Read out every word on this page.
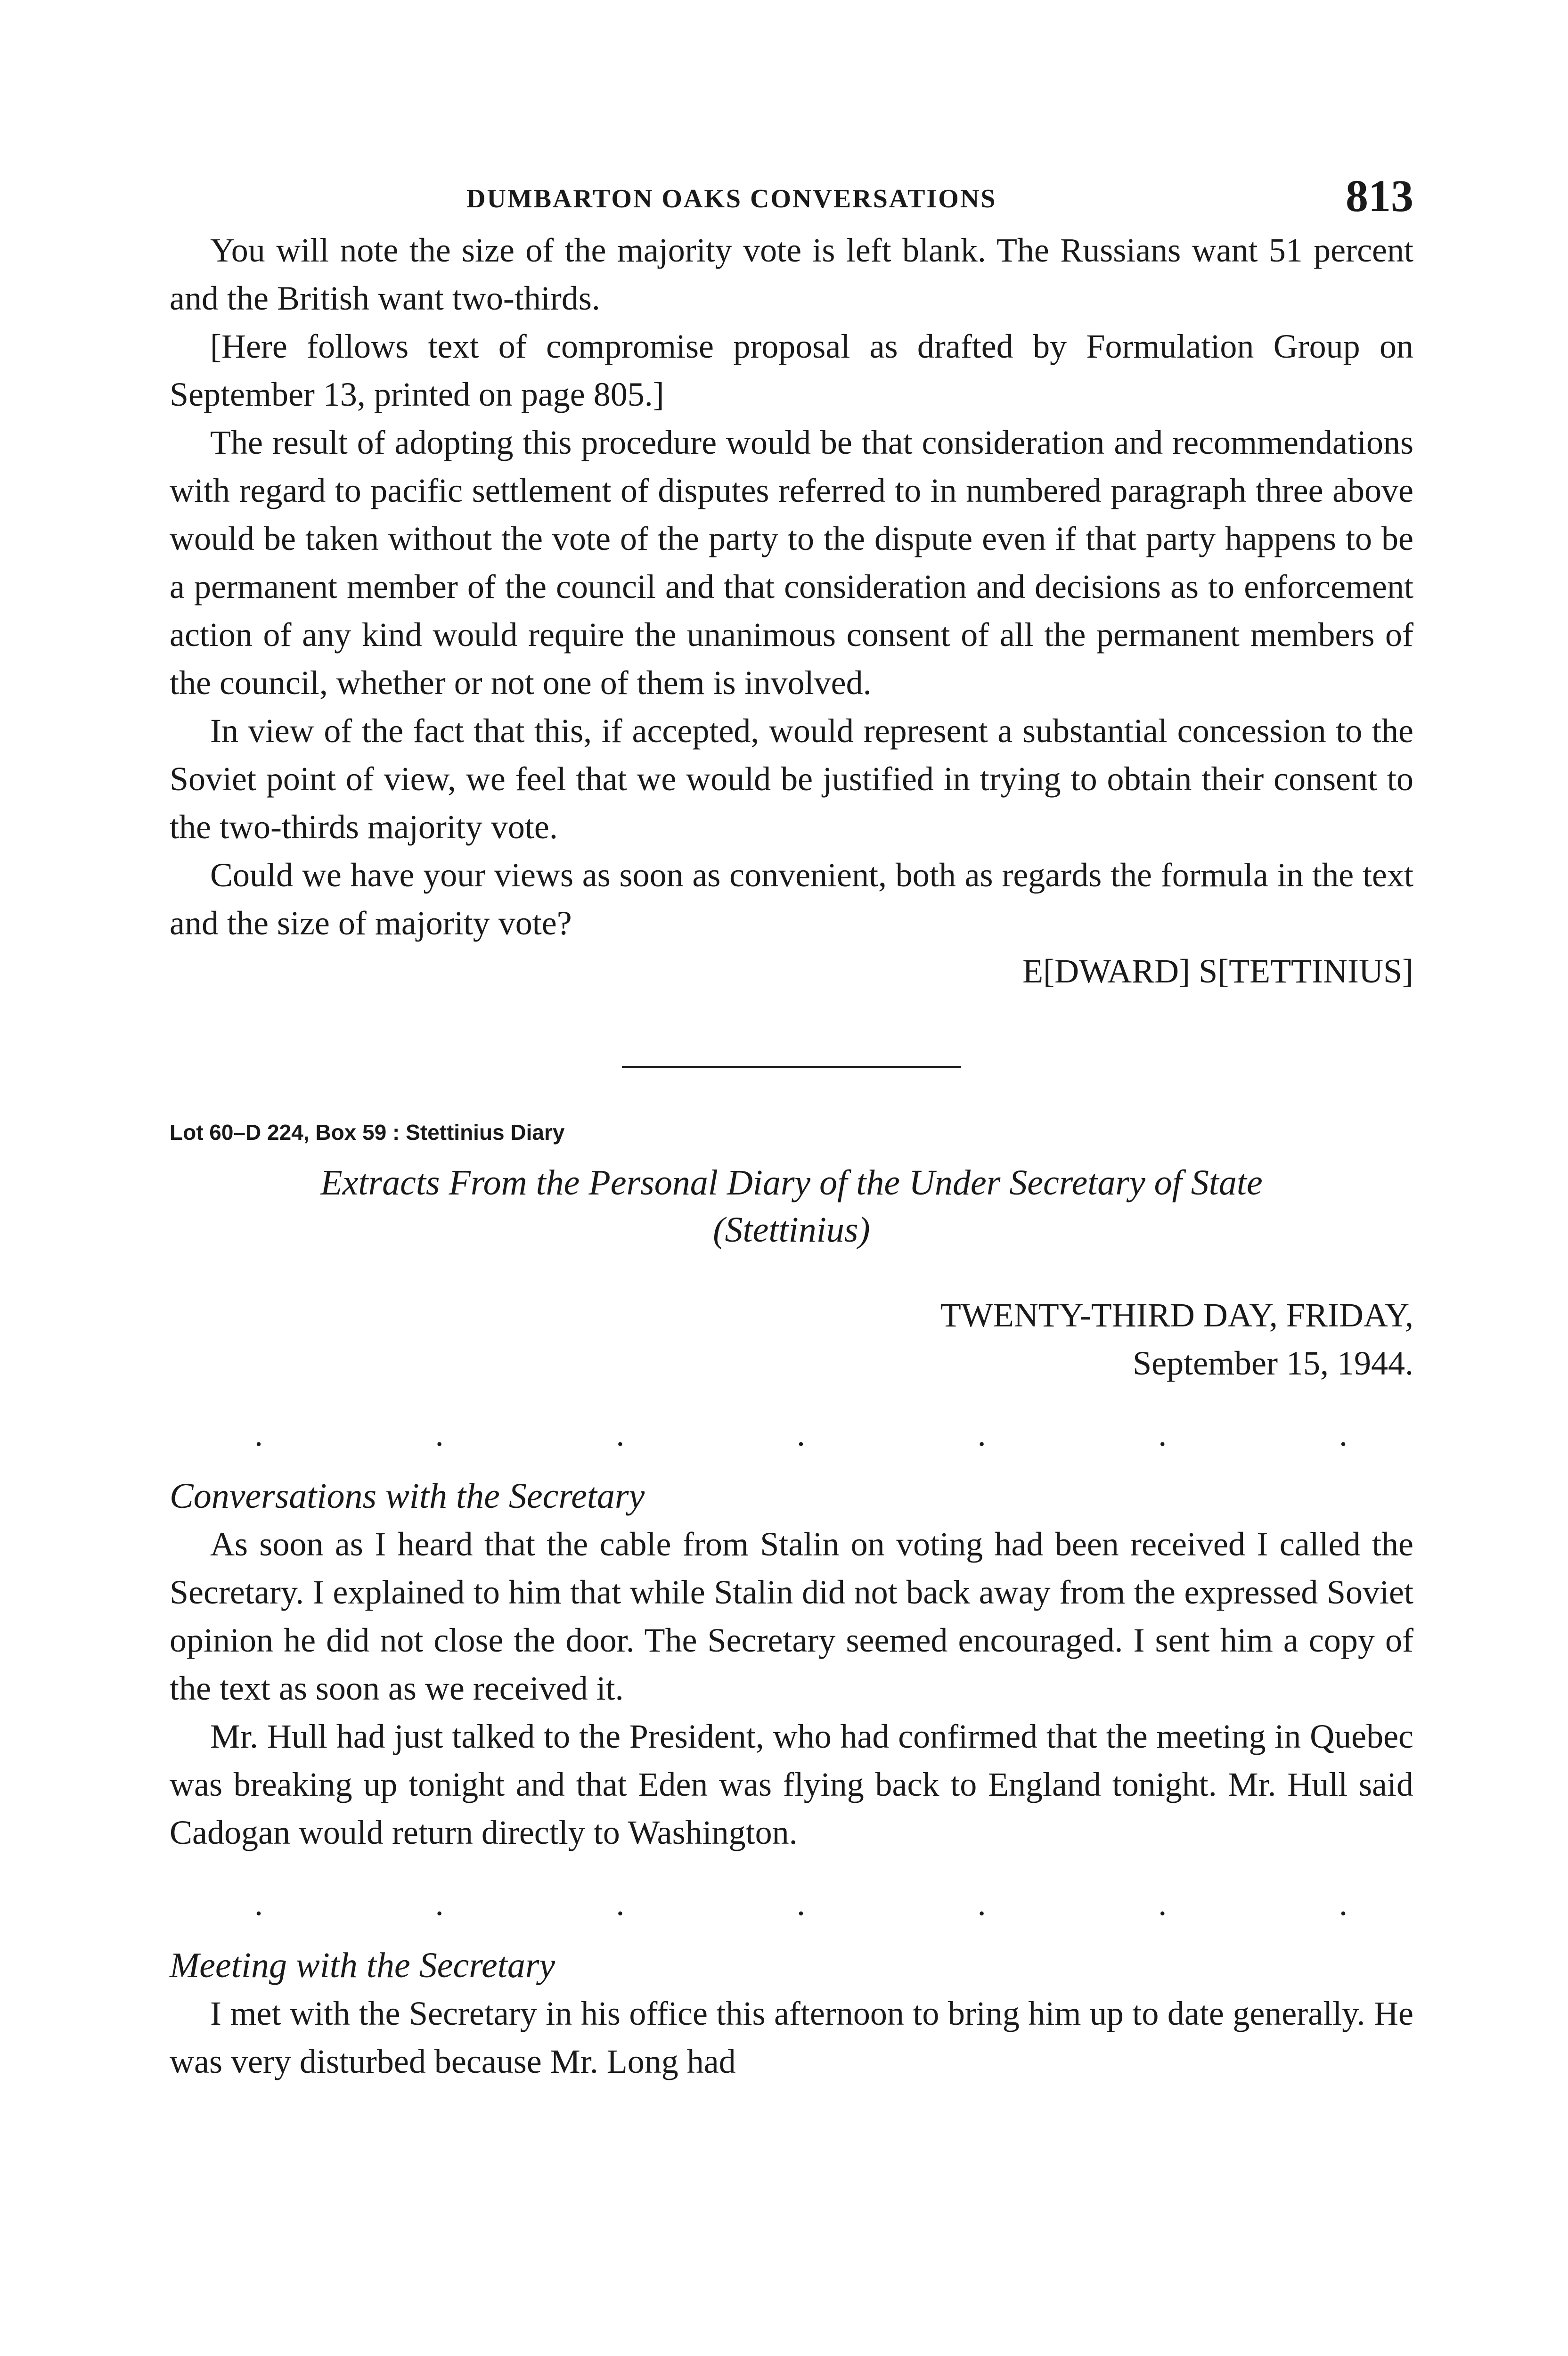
DUMBARTON OAKS CONVERSATIONS	813

You will note the size of the majority vote is left blank. The Russians want 51 percent and the British want two-thirds.

[Here follows text of compromise proposal as drafted by Formulation Group on September 13, printed on page 805.]

The result of adopting this procedure would be that consideration and recommendations with regard to pacific settlement of disputes referred to in numbered paragraph three above would be taken without the vote of the party to the dispute even if that party happens to be a permanent member of the council and that consideration and decisions as to enforcement action of any kind would require the unanimous consent of all the permanent members of the council, whether or not one of them is involved.

In view of the fact that this, if accepted, would represent a substantial concession to the Soviet point of view, we feel that we would be justified in trying to obtain their consent to the two-thirds majority vote.

Could we have your views as soon as convenient, both as regards the formula in the text and the size of majority vote?

E[DWARD] S[TETTINIUS]
Lot 60–D 224, Box 59 : Stettinius Diary
Extracts From the Personal Diary of the Under Secretary of State
(Stettinius)
TWENTY-THIRD DAY, FRIDAY,
September 15, 1944.
.	.	.	.	.	.	.
Conversations with the Secretary

As soon as I heard that the cable from Stalin on voting had been received I called the Secretary. I explained to him that while Stalin did not back away from the expressed Soviet opinion he did not close the door. The Secretary seemed encouraged. I sent him a copy of the text as soon as we received it.

Mr. Hull had just talked to the President, who had confirmed that the meeting in Quebec was breaking up tonight and that Eden was flying back to England tonight. Mr. Hull said Cadogan would return directly to Washington.

.	.	.	.	.	.	.
Meeting with the Secretary

I met with the Secretary in his office this afternoon to bring him up to date generally. He was very disturbed because Mr. Long had
